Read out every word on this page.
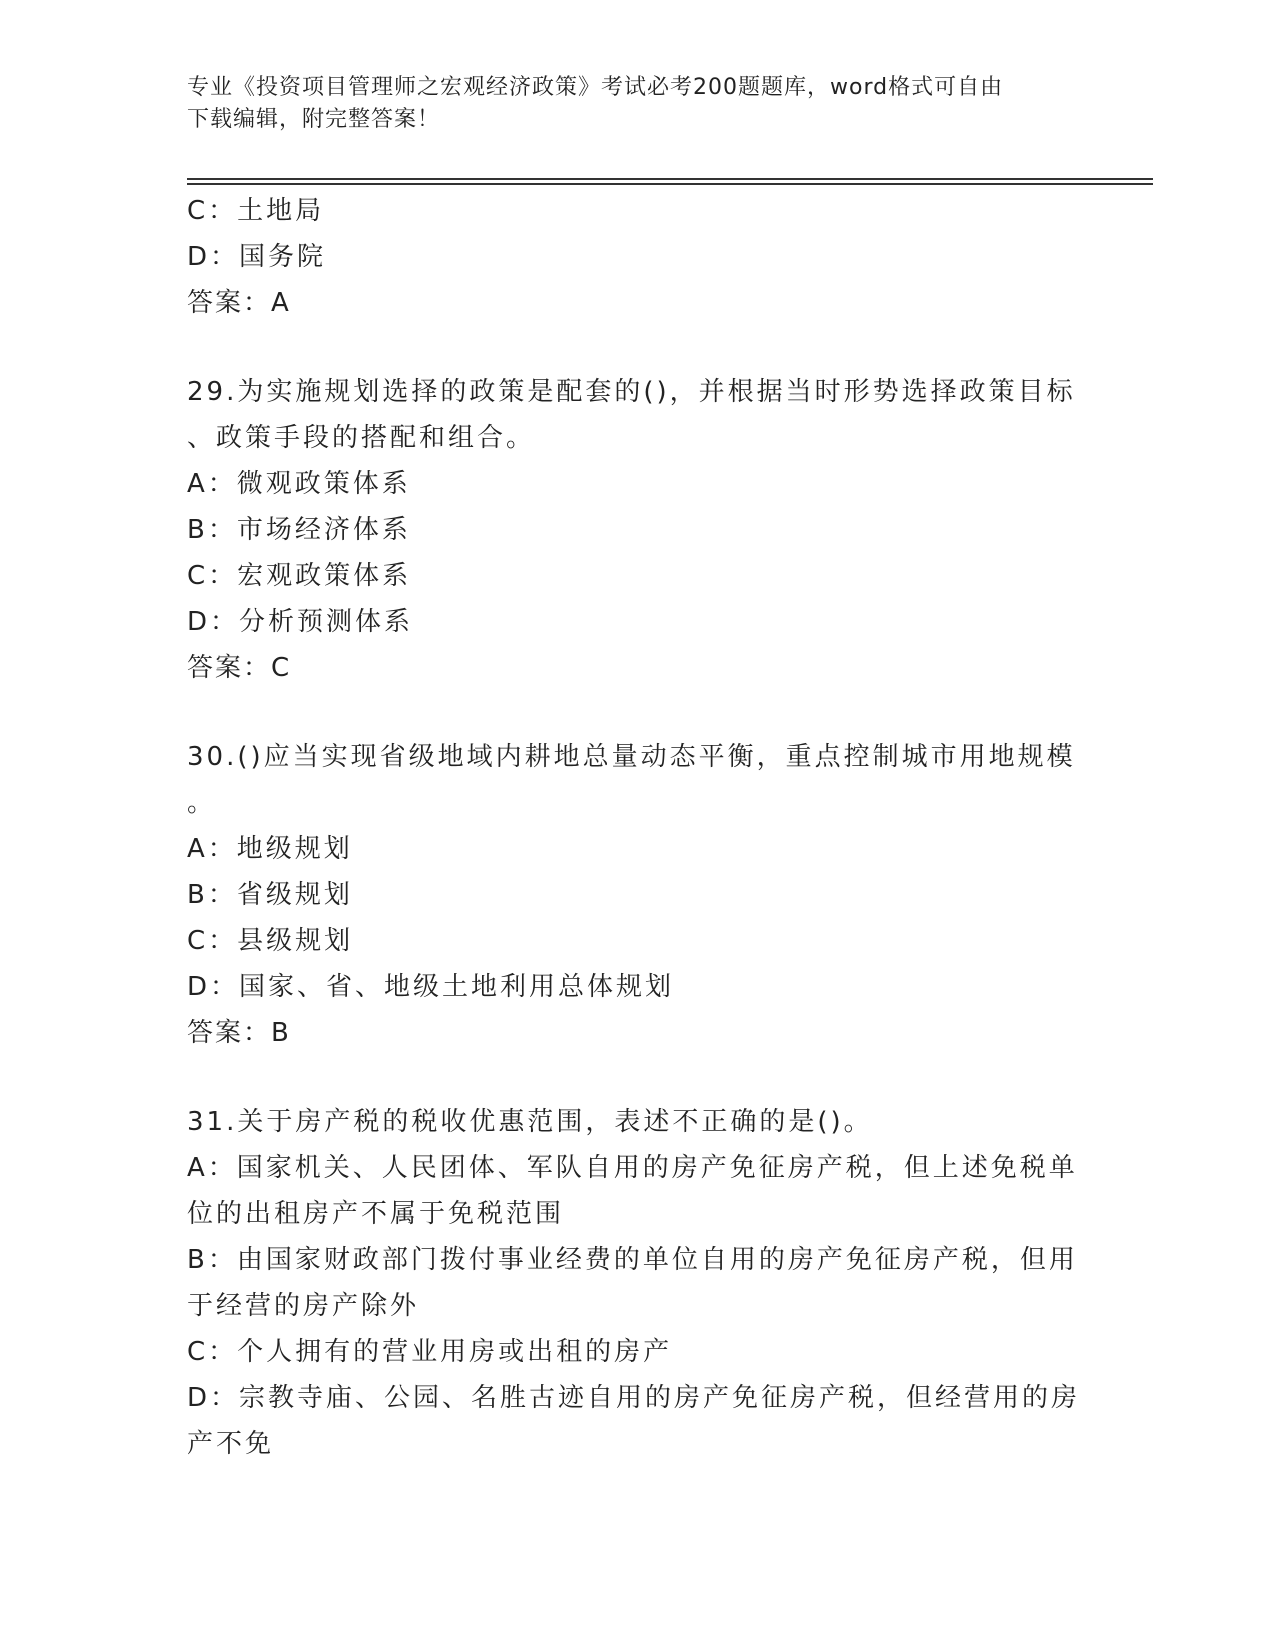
专业《投资项目管理师之宏观经济政策》考试必考200题题库，word格式可自由
下载编辑，附完整答案！
C：土地局
D：国务院
答案：A
29.为实施规划选择的政策是配套的()，并根据当时形势选择政策目标
、政策手段的搭配和组合。
A：微观政策体系
B：市场经济体系
C：宏观政策体系
D：分析预测体系
答案：C
30.()应当实现省级地域内耕地总量动态平衡，重点控制城市用地规模
。
A：地级规划
B：省级规划
C：县级规划
D：国家、省、地级土地利用总体规划
答案：B
31.关于房产税的税收优惠范围，表述不正确的是()。
A：国家机关、人民团体、军队自用的房产免征房产税，但上述免税单
位的出租房产不属于免税范围
B：由国家财政部门拨付事业经费的单位自用的房产免征房产税，但用
于经营的房产除外
C：个人拥有的营业用房或出租的房产
D：宗教寺庙、公园、名胜古迹自用的房产免征房产税，但经营用的房
产不免
